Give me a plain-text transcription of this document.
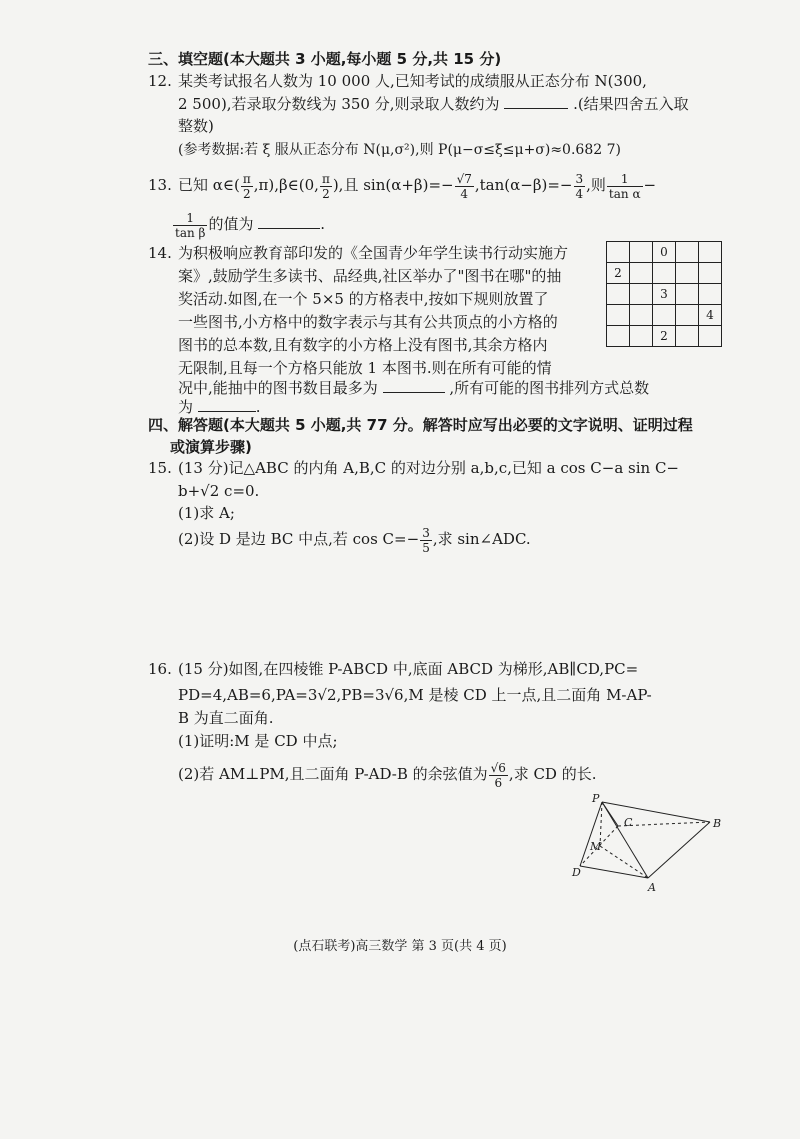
三、填空题(本大题共 3 小题,每小题 5 分,共 15 分)
12. 某类考试报名人数为 10 000 人,已知考试的成绩服从正态分布 N(300,
2 500),若录取分数线为 350 分,则录取人数约为	.(结果四舍五入取
整数)
(参考数据:若 ξ 服从正态分布 N(μ,σ²),则 P(μ−σ≤ξ≤μ+σ)≈0.682 7)
13. 已知 α∈( $\frac{\pi}{2}$ ,π),β∈(0, $\frac{\pi}{2}$ ),且 $\sin(\alpha+\beta)=- \frac{√7}{4} ,\tan(\alpha-\beta)=- \frac{3}{4}$ ,则 $\frac{1}{\text{tan α}}$ −
$\frac{1}{\text{tan β}}$ 的值为	.
14. 为积极响应教育部印发的《全国青少年学生读书行动实施方
案》,鼓励学生多读书、品经典,社区举办了"图书在哪"的抽
奖活动.如图,在一个 5×5 的方格表中,按如下规则放置了
一些图书,小方格中的数字表示与其有公共顶点的小方格的
图书的总本数,且有数字的小方格上没有图书,其余方格内
无限制,且每一个方格只能放 1 本图书.则在所有可能的情
况中,能抽中的图书数目最多为	,所有可能的图书排列方式总数
为	.
		0		
2				
		3		
				4
		2		
四、解答题(本大题共 5 小题,共 77 分。解答时应写出必要的文字说明、证明过程
或演算步骤)
15. (13 分)记△ABC 的内角 A,B,C 的对边分别 a,b,c,已知 a cos C−a sin C−
b+√2 c=0.
(1)求 A;
(2)设 D 是边 BC 中点,若 $\cos C=- \frac{3}{5}$ ,求 sin∠ADC.
16. (15 分)如图,在四棱锥 P-ABCD 中,底面 ABCD 为梯形,AB∥CD,PC=
PD=4,AB=6,PA=3√2,PB=3√6,M 是棱 CD 上一点,且二面角 M-AP-
B 为直二面角.
(1)证明:M 是 CD 中点;
(2)若 AM⊥PM,且二面角 P-AD-B 的余弦值为 $\frac{√6}{6}$ ,求 CD 的长.
P
C	B
M
D
A
(点石联考)高三数学 第 3 页(共 4 页)
